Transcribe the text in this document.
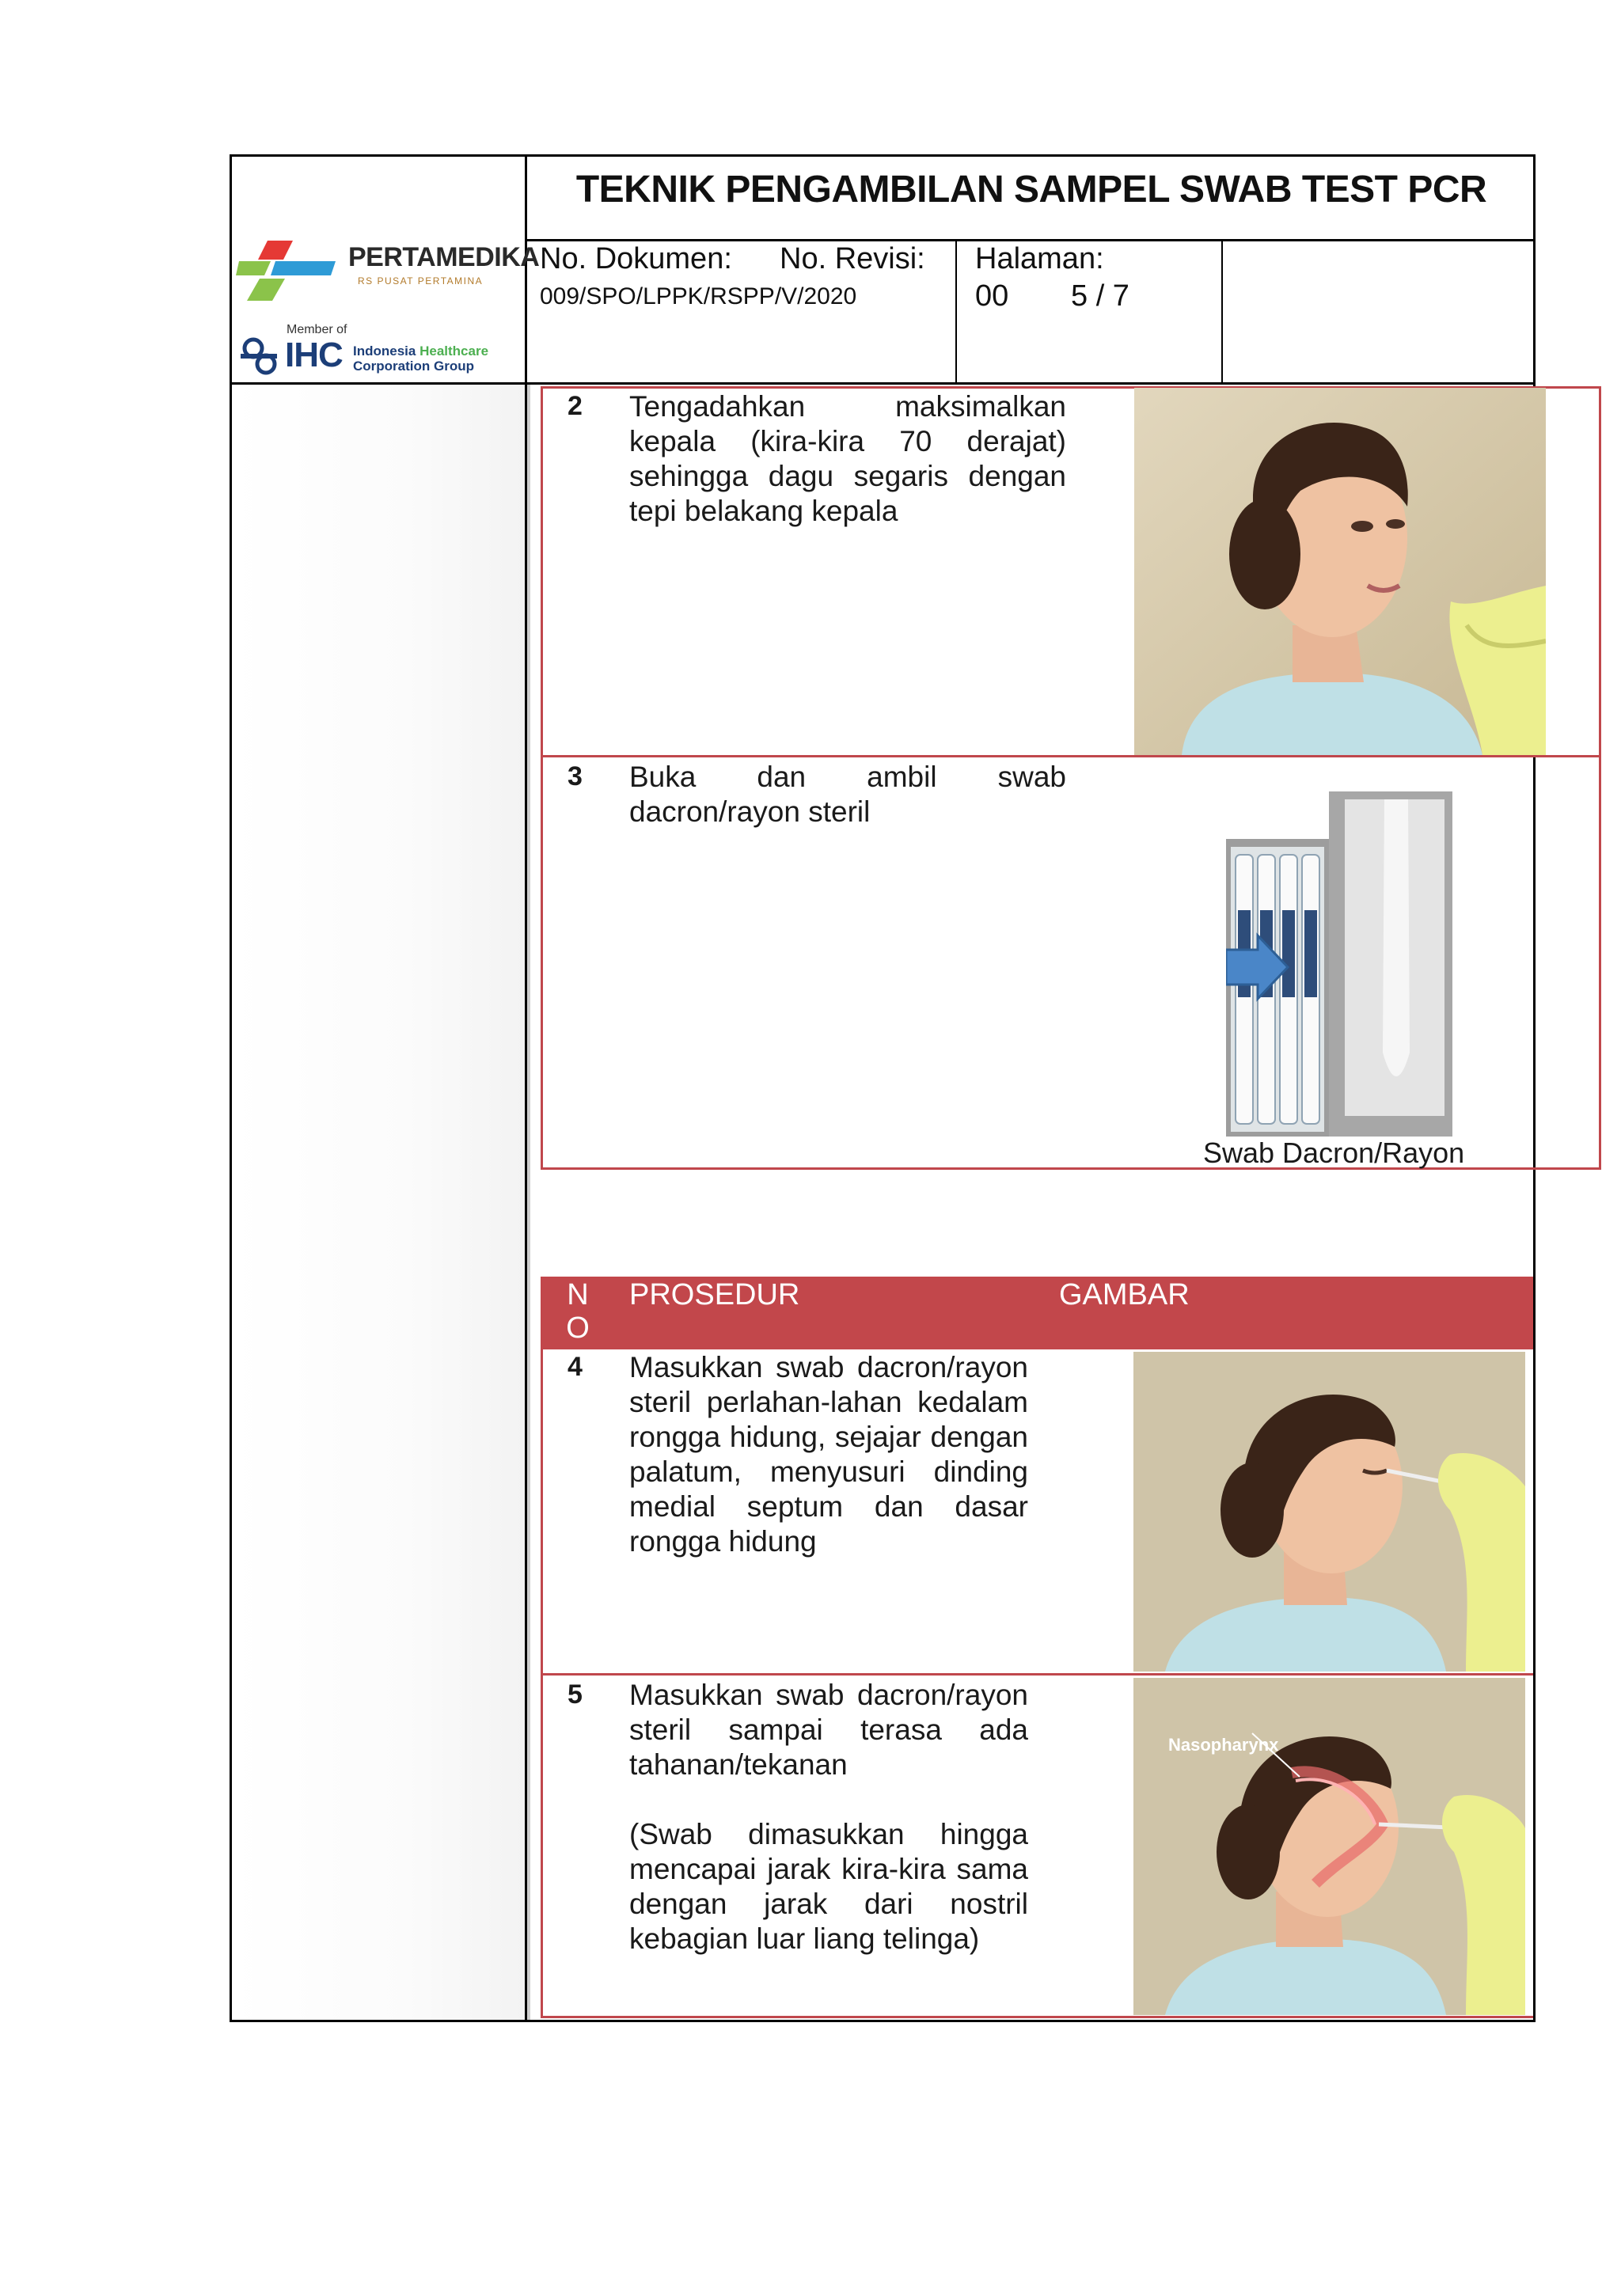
TEKNIK PENGAMBILAN SAMPEL SWAB TEST PCR
No. Dokumen: No. Revisi:
009/SPO/LPPK/RSPP/V/2020
Halaman:
00 5 / 7
PERTAMEDIKA
RS PUSAT PERTAMINA
Member of
IHC Indonesia Healthcare
Corporation Group
2 Tengadahkan maksimalkan kepala (kira-kira 70 derajat) sehingga dagu segaris dengan tepi belakang kepala
3 Buka dan ambil swab dacron/rayon steril
Swab Dacron/Rayon
N
O
PROSEDUR	GAMBAR
4 Masukkan swab dacron/rayon steril perlahan-lahan kedalam rongga hidung, sejajar dengan palatum, menyusuri dinding medial septum dan dasar rongga hidung
5 Masukkan swab dacron/rayon steril sampai terasa ada tahanan/tekanan
(Swab dimasukkan hingga mencapai jarak kira-kira sama dengan jarak dari nostril kebagian luar liang telinga)
Nasopharynx
